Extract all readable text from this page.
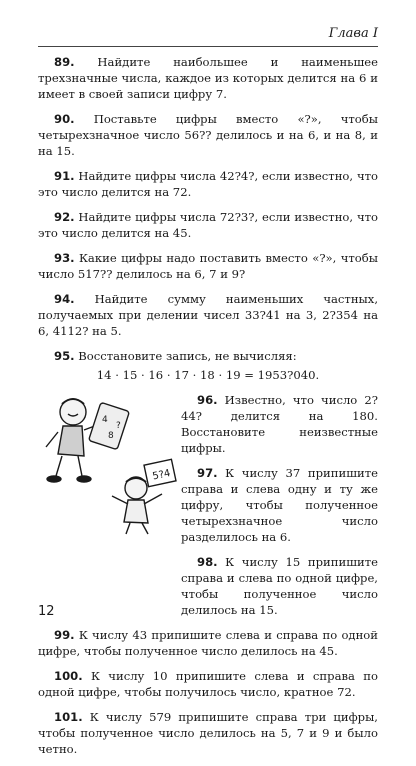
Глава I

89. Найдите наибольшее и наименьшее трехзначные числа, каждое из которых делится на 6 и имеет в своей записи цифру 7.

90. Поставьте цифры вместо «?», чтобы четырехзначное число 56?? делилось и на 6, и на 8, и на 15.

91. Найдите цифры числа 42?4?, если известно, что это число делится на 72.

92. Найдите цифры числа 72?3?, если известно, что это число делится на 45.

93. Какие цифры надо поставить вместо «?», чтобы число 517?? делилось на 6, 7 и 9?

94. Найдите сумму наименьших частных, получаемых при делении чисел 33?41 на 3, 2?354 на 6, 4112? на 5.

95. Восстановите запись, не вычисляя:

14 · 15 · 16 · 17 · 18 · 19 = 1953?040.

5?4
4
8
?

96. Известно, что число 2?44? делится на 180. Восстановите неизвестные цифры.

97. К числу 37 припишите справа и слева одну и ту же цифру, чтобы полученное четырехзначное число разделилось на 6.

98. К числу 15 припишите справа и слева по одной цифре, чтобы полученное число делилось на 15.

99. К числу 43 припишите слева и справа по одной цифре, чтобы полученное число делилось на 45.

100. К числу 10 припишите слева и справа по одной цифре, чтобы получилось число, кратное 72.

101. К числу 579 припишите справа три цифры, чтобы полученное число делилось на 5, 7 и 9 и было четно.

12
